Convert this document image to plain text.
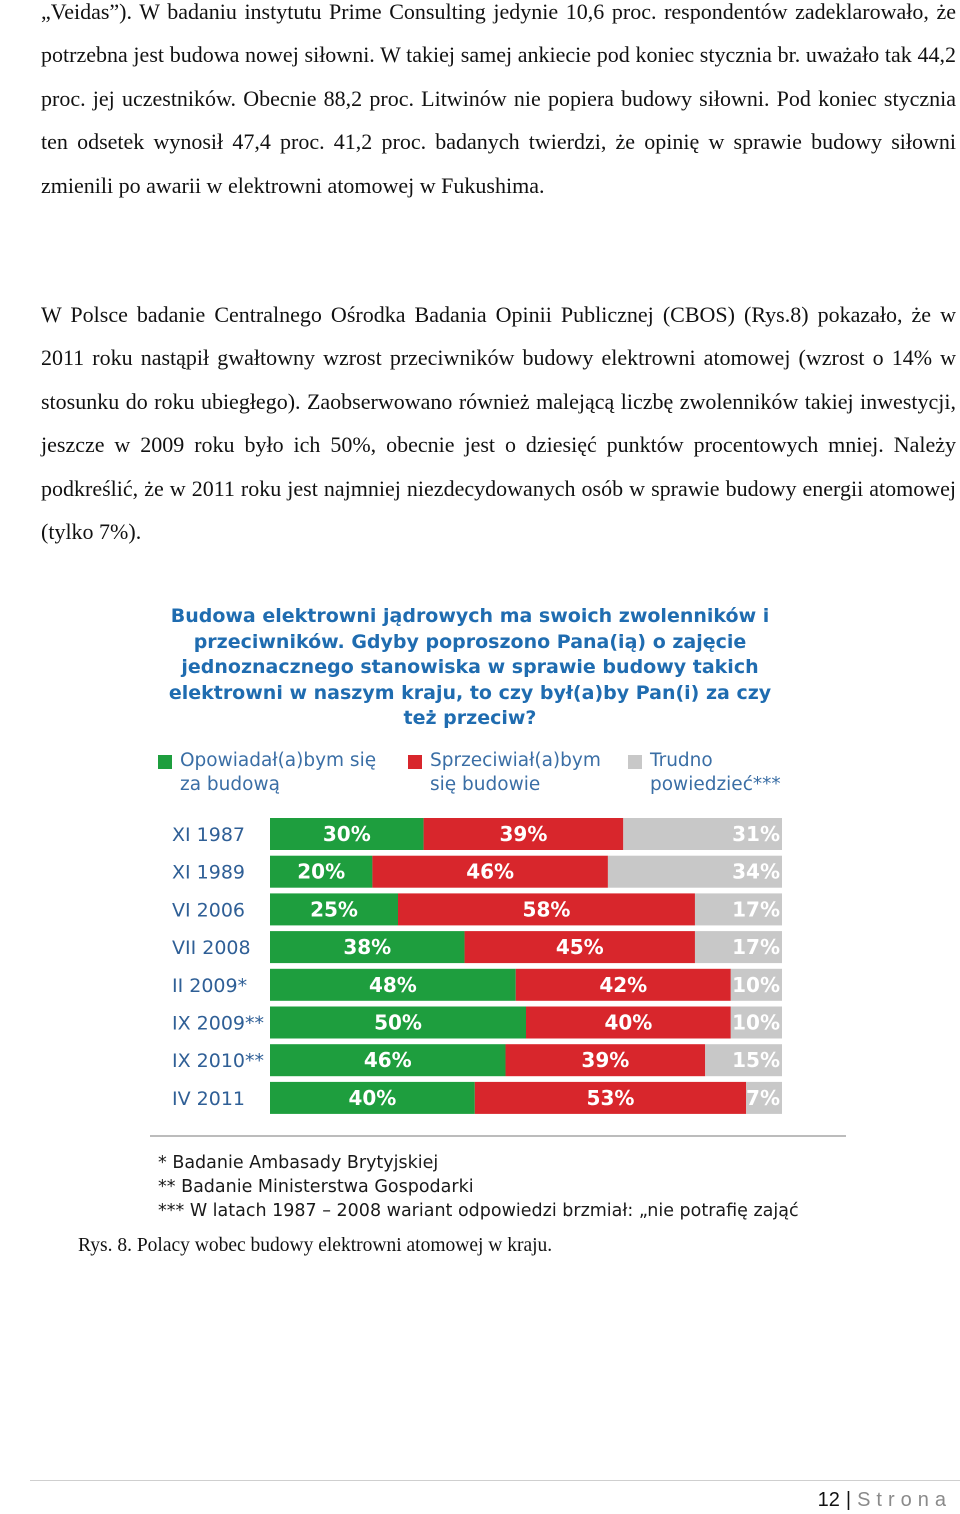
„Veidas”). W badaniu instytutu Prime Consulting jedynie 10,6 proc. respondentów zadeklarowało, że potrzebna jest budowa nowej siłowni. W takiej samej ankiecie pod koniec stycznia br. uważało tak 44,2 proc. jej uczestników. Obecnie 88,2 proc. Litwinów nie popiera budowy siłowni. Pod koniec stycznia ten odsetek wynosił 47,4 proc. 41,2 proc. badanych twierdzi, że opinię w sprawie budowy siłowni zmienili po awarii w elektrowni atomowej w Fukushima.

W Polsce badanie Centralnego Ośrodka Badania Opinii Publicznej (CBOS) (Rys.8) pokazało, że w 2011 roku nastąpił gwałtowny wzrost przeciwników budowy elektrowni atomowej (wzrost o 14% w stosunku do roku ubiegłego). Zaobserwowano również malejącą liczbę zwolenników takiej inwestycji, jeszcze w 2009 roku było ich 50%, obecnie jest o dziesięć punktów procentowych mniej. Należy podkreślić, że w 2011 roku jest najmniej niezdecydowanych osób w sprawie budowy energii atomowej (tylko 7%).

Budowa elektrowni jądrowych ma swoich zwolenników i przeciwników. Gdyby poproszono Pana(ią) o zajęcie jednoznacznego stanowiska w sprawie budowy takich elektrowni w naszym kraju, to czy był(a)by Pan(i) za czy też przeciw?

Opowiadał(a)bym się za budową
Sprzeciwiał(a)bym się budowie
Trudno powiedzieć***
XI 1987	30%	39%	31%
XI 1989	20%	46%	34%
VI 2006	25%	58%	17%
VII 2008	38%	45%	17%
II 2009*	48%	42%	10%
IX 2009**	50%	40%	10%
IX 2010**	46%	39%	15%
IV 2011	40%	53%	7%
* Badanie Ambasady Brytyjskiej
** Badanie Ministerstwa Gospodarki
*** W latach 1987 – 2008 wariant odpowiedzi brzmiał: „nie potrafię zająć

Rys. 8. Polacy wobec budowy elektrowni atomowej w kraju.

12 | Strona
